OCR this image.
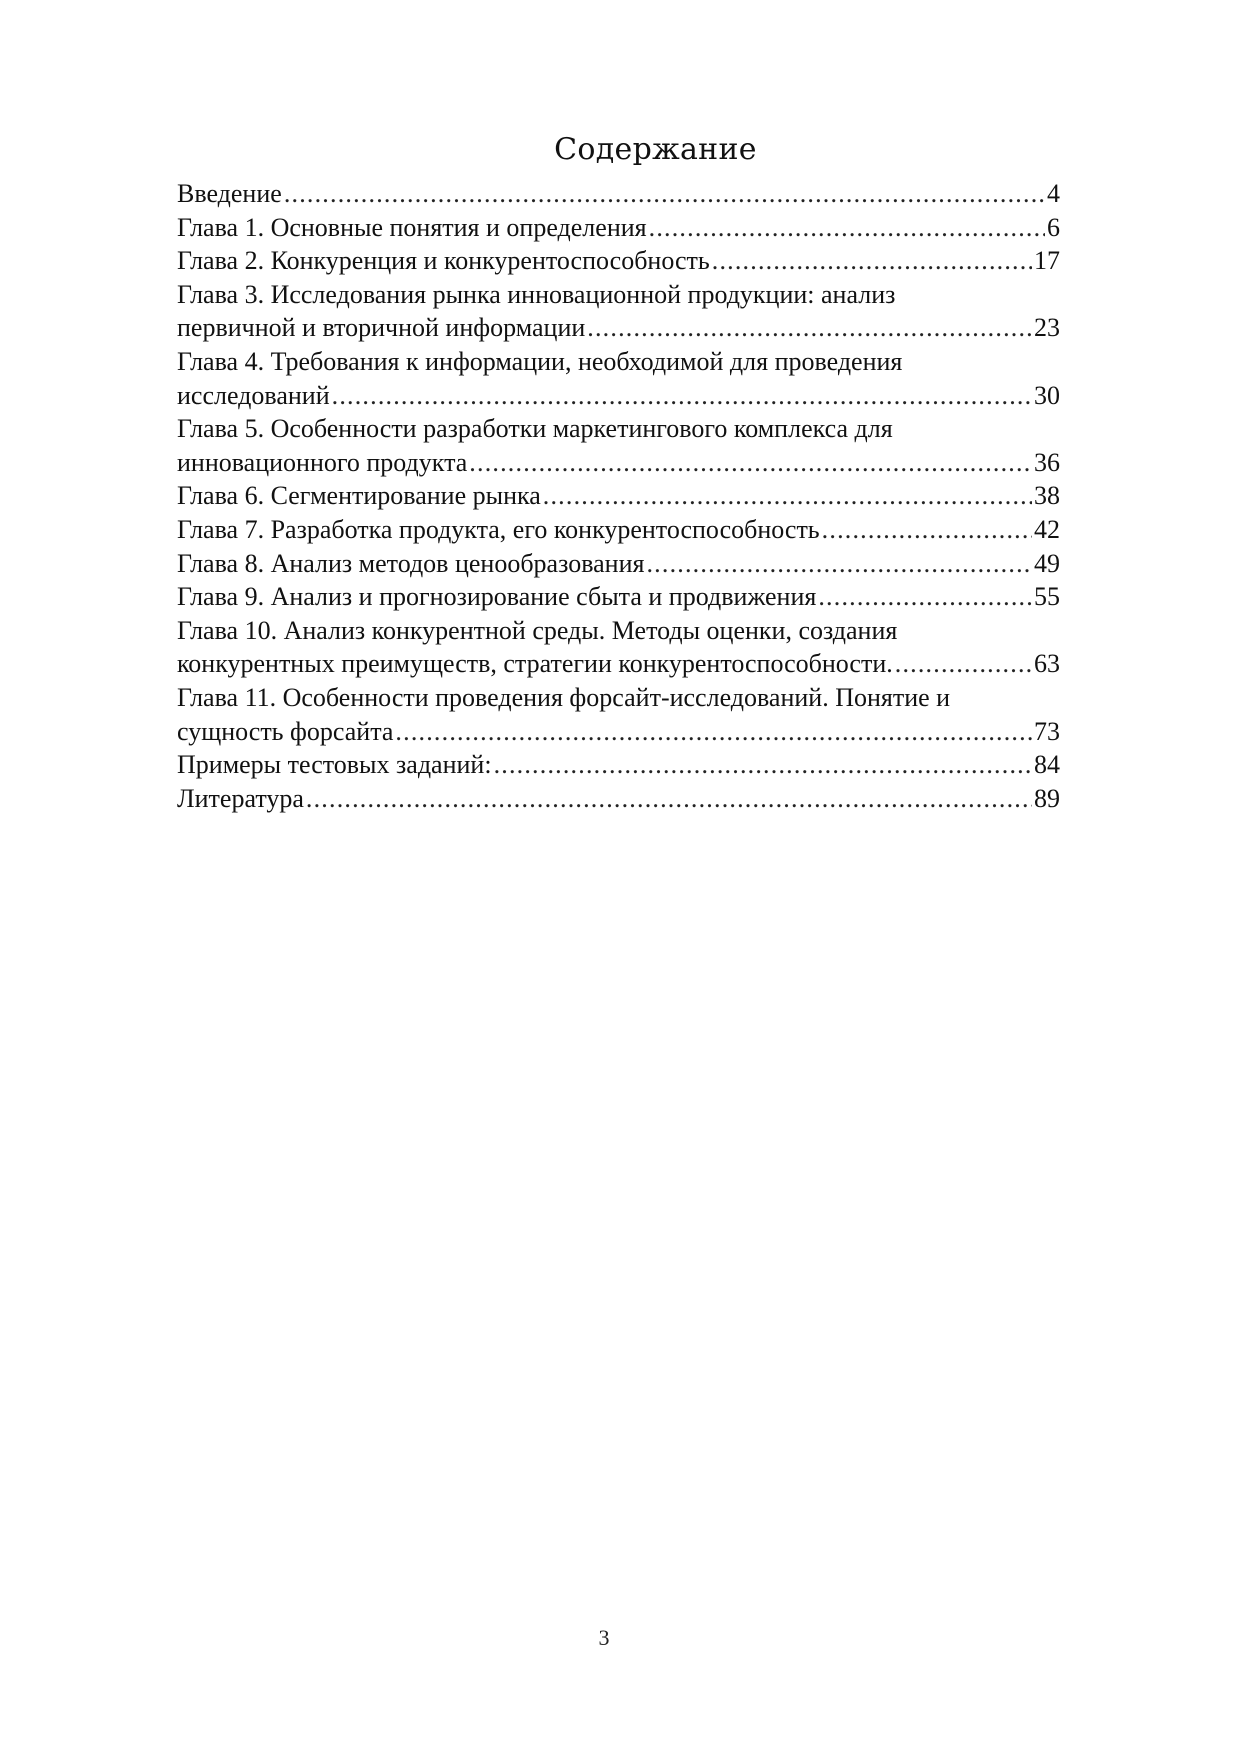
Содержание
Введение .....	4
Глава 1. Основные понятия и определения .....	6
Глава 2. Конкуренция и конкурентоспособность .....	17
Глава 3. Исследования рынка инновационной продукции: анализ
первичной и вторичной информации .....	23
Глава 4. Требования к информации, необходимой для проведения
исследований .....	30
Глава 5. Особенности разработки маркетингового комплекса для
инновационного продукта .....	36
Глава 6. Сегментирование рынка .....	38
Глава 7. Разработка продукта, его конкурентоспособность .....	42
Глава 8. Анализ методов ценообразования .....	49
Глава 9. Анализ и прогнозирование сбыта и продвижения .....	55
Глава 10. Анализ конкурентной среды. Методы оценки, создания
конкурентных преимуществ, стратегии конкурентоспособности. .....	63
Глава 11. Особенности проведения форсайт-исследований. Понятие и
сущность форсайта .....	73
Примеры тестовых заданий: .....	84
Литература .....	89
3
